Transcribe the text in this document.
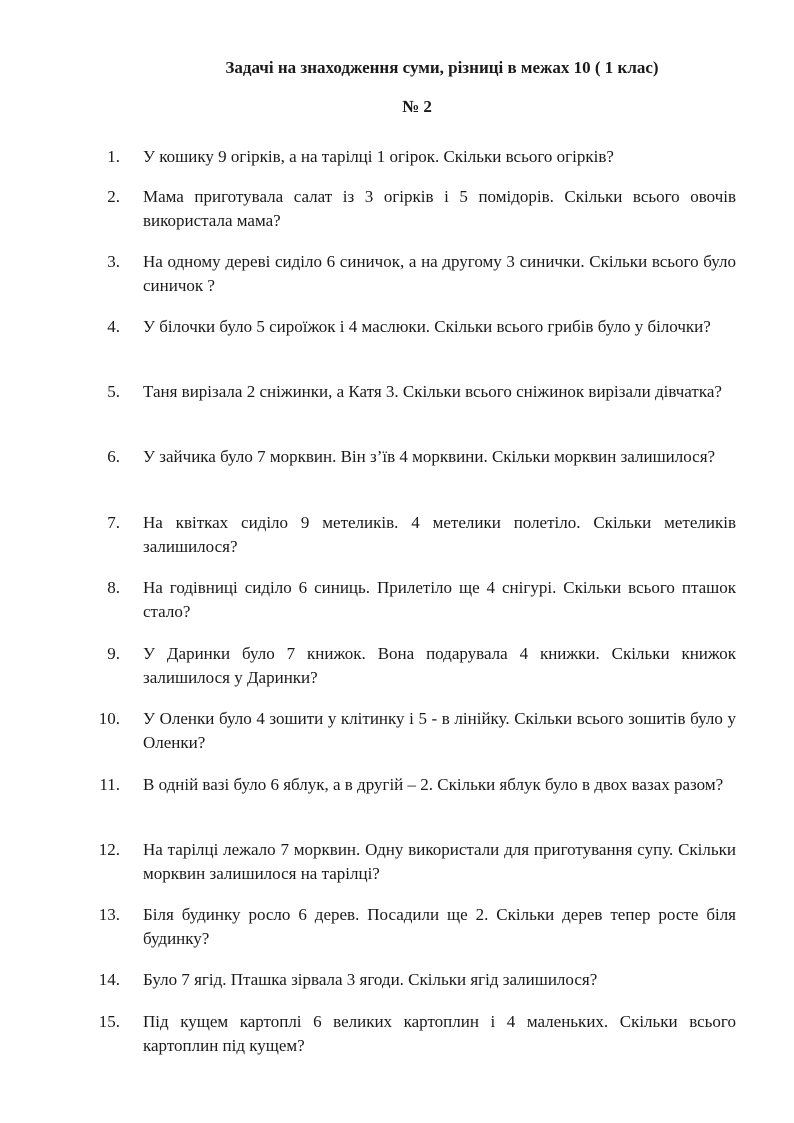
Задачі на знаходження суми, різниці в межах 10 ( 1 клас)
№ 2
1. У кошику 9 огірків, а на тарілці 1 огірок. Скільки всього огірків?
2. Мама приготувала салат із 3 огірків і 5 помідорів. Скільки всього овочів використала мама?
3. На одному дереві сиділо 6 синичок, а на другому 3 синички. Скільки всього було синичок ?
4. У білочки було 5 сироїжок і 4 маслюки. Скільки всього грибів було у білочки?
5. Таня вирізала 2 сніжинки, а Катя 3. Скільки всього сніжинок вирізали дівчатка?
6. У зайчика було 7 морквин. Він з’їв 4 морквини. Скільки морквин залишилося?
7. На квітках сиділо 9 метеликів. 4 метелики полетіло. Скільки метеликів залишилося?
8. На годівниці сиділо 6 синиць. Прилетіло ще 4 снігурі. Скільки всього пташок стало?
9. У Даринки було 7 книжок. Вона подарувала 4 книжки. Скільки книжок залишилося у Даринки?
10. У Оленки було 4 зошити у клітинку і 5 - в лінійку. Скільки всього зошитів було у Оленки?
11. В одній вазі було 6 яблук, а в другій – 2. Скільки яблук було в двох вазах разом?
12. На тарілці лежало 7 морквин. Одну використали для приготування супу. Скільки морквин залишилося на тарілці?
13. Біля будинку росло 6 дерев. Посадили ще 2. Скільки дерев тепер росте біля будинку?
14. Було 7 ягід. Пташка зірвала 3 ягоди. Скільки ягід залишилося?
15. Під кущем картоплі 6 великих картоплин і 4 маленьких. Скільки всього картоплин під кущем?
